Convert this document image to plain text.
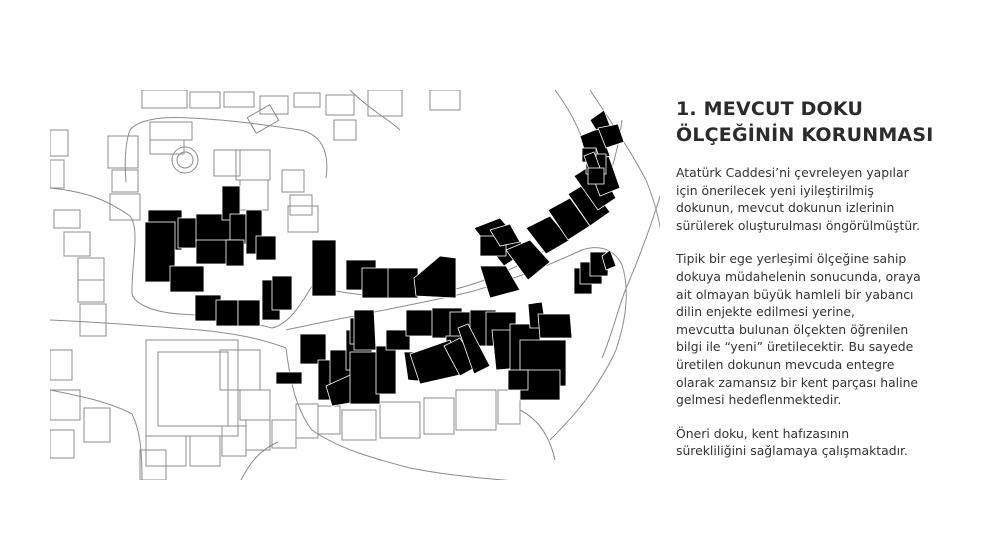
1. MEVCUT DOKU
ÖLÇEĞİNİN KORUNMASI

Atatürk Caddesi’ni çevreleyen yapılar
için önerilecek yeni iyileştirilmiş
dokunun, mevcut dokunun izlerinin
sürülerek oluşturulması öngörülmüştür.

Tipik bir ege yerleşimi ölçeğine sahip
dokuya müdahelenin sonucunda, oraya
ait olmayan büyük hamleli bir yabancı
dilin enjekte edilmesi yerine,
mevcutta bulunan ölçekten öğrenilen
bilgi ile “yeni” üretilecektir. Bu sayede
üretilen dokunun mevcuda entegre
olarak zamansız bir kent parçası haline
gelmesi hedeflenmektedir.

Öneri doku, kent hafızasının
sürekliliğini sağlamaya çalışmaktadır.
